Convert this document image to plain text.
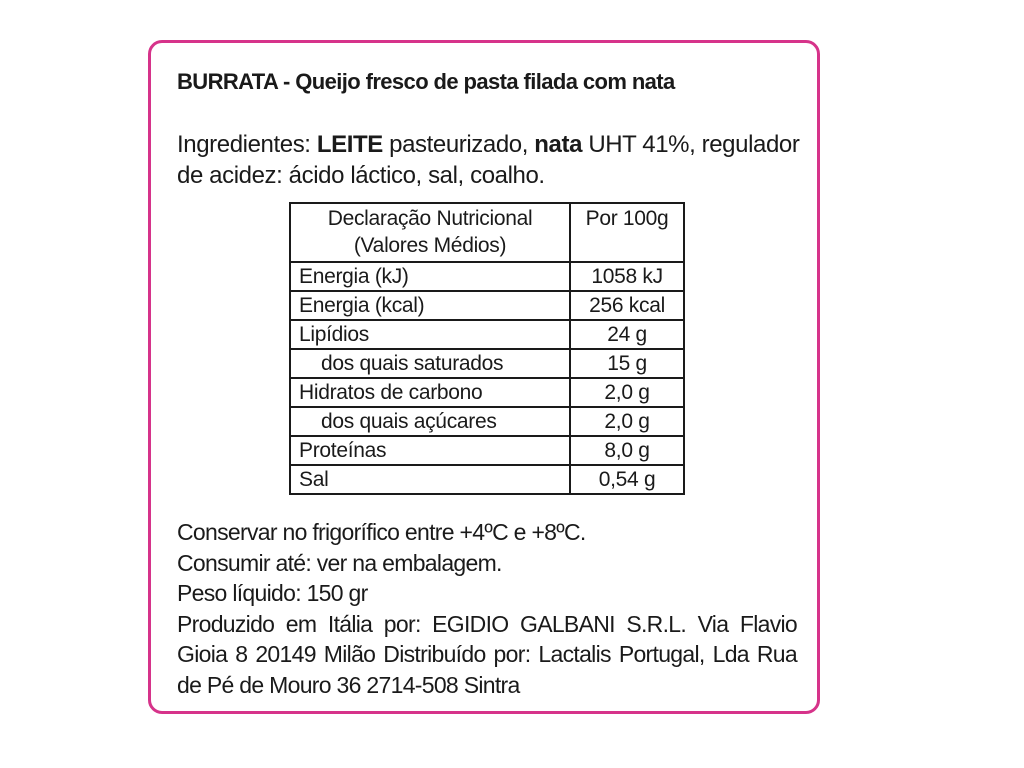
BURRATA - Queijo fresco de pasta filada com nata
Ingredientes: LEITE pasteurizado, nata UHT 41%, regulador de acidez: ácido láctico, sal, coalho.
Declaração Nutricional
(Valores Médios)	Por 100g
Energia (kJ)	1058 kJ
Energia (kcal)	256 kcal
Lipídios	24 g
dos quais saturados	15 g
Hidratos de carbono	2,0 g
dos quais açúcares	2,0 g
Proteínas	8,0 g
Sal	0,54 g
Conservar no frigorífico entre +4ºC e +8ºC.
Consumir até: ver na embalagem.
Peso líquido: 150 gr
Produzido em Itália por: EGIDIO GALBANI S.R.L. Via Flavio Gioia 8 20149 Milão Distribuído por: Lactalis Portugal, Lda Rua de Pé de Mouro 36 2714-508 Sintra
